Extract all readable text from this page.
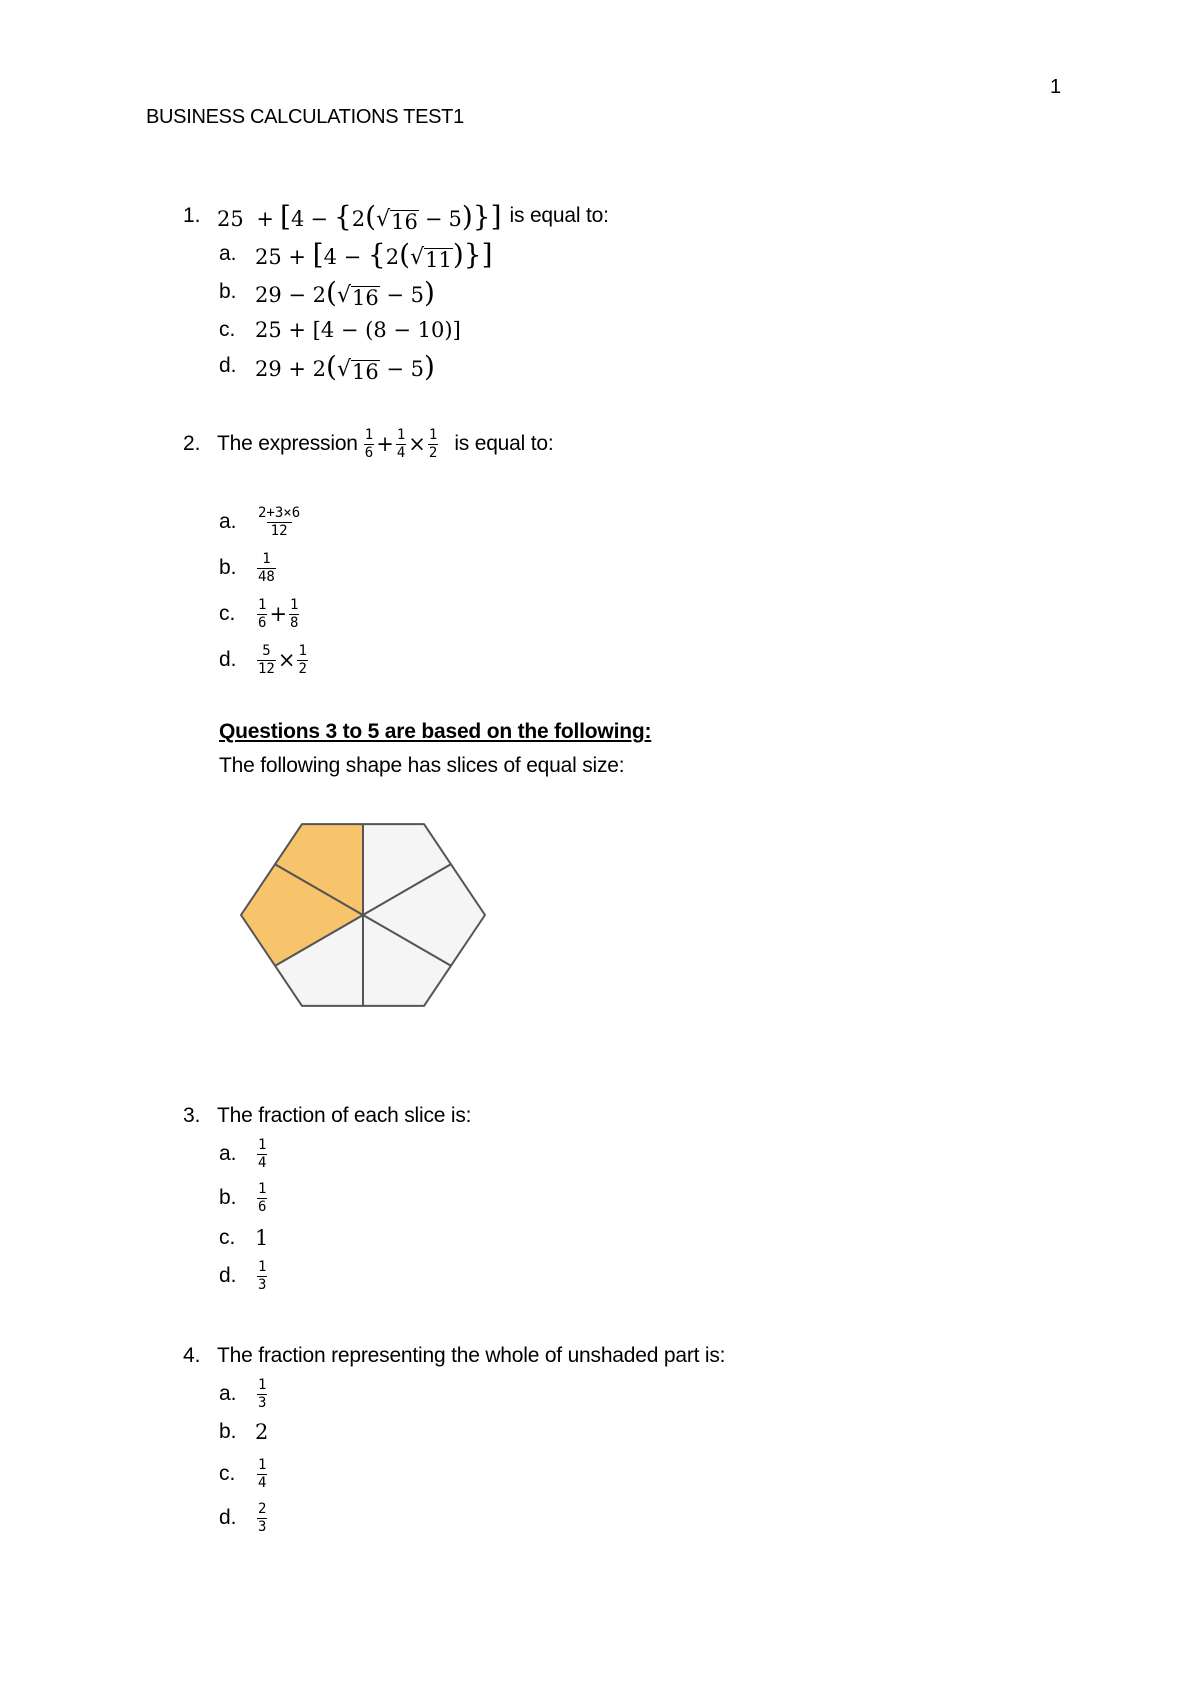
1
BUSINESS CALCULATIONS TEST1
1. 25 + [4 − {2( √ 16 − 5)}] is equal to:
a. 25 + [4 − {2( √ 11 )}]
b. 29 − 2( √ 16 − 5)
c. 25 + [4 − (8 − 10)]
d. 29 + 2( √ 16 − 5)
2. The expression $\frac{1}{6} + \frac{1}{4} \times \frac{1}{2}$ is equal to:
a.	$\frac{2+3\times 6}{12}$
b.	$\frac{1}{48}$
c.	$\frac{1}{6} + \frac{1}{8}$
d.	$\frac{5}{12} \times \frac{1}{2}$
Questions 3 to 5 are based on the following:
The following shape has slices of equal size:
3. The fraction of each slice is:
a.	$\frac{1}{4}$
b.	$\frac{1}{6}$
c. 1
d.	$\frac{1}{3}$
4. The fraction representing the whole of unshaded part is:
a.	$\frac{1}{3}$
b. 2
c.	$\frac{1}{4}$
d.	$\frac{2}{3}$
